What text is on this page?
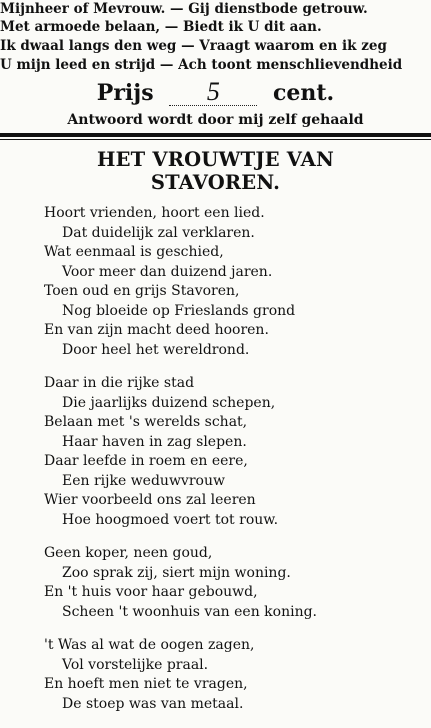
Mijnheer of Mevrouw. — Gij dienstbode getrouw.
Met armoede belaan, — Biedt ik U dit aan.
Ik dwaal langs den weg — Vraagt waarom en ik zeg
U mijn leed en strijd — Ach toont menschlievendheid
Prijs 5 cent.
Antwoord wordt door mij zelf gehaald
HET VROUWTJE VAN
STAVOREN.
Hoort vrienden, hoort een lied.
Dat duidelijk zal verklaren.
Wat eenmaal is geschied,
Voor meer dan duizend jaren.
Toen oud en grijs Stavoren,
Nog bloeide op Frieslands grond
En van zijn macht deed hooren.
Door heel het wereldrond.
Daar in die rijke stad
Die jaarlijks duizend schepen,
Belaan met 's werelds schat,
Haar haven in zag slepen.
Daar leefde in roem en eere,
Een rijke weduwvrouw
Wier voorbeeld ons zal leeren
Hoe hoogmoed voert tot rouw.
Geen koper, neen goud,
Zoo sprak zij, siert mijn woning.
En 't huis voor haar gebouwd,
Scheen 't woonhuis van een koning.
't Was al wat de oogen zagen,
Vol vorstelijke praal.
En hoeft men niet te vragen,
De stoep was van metaal.
